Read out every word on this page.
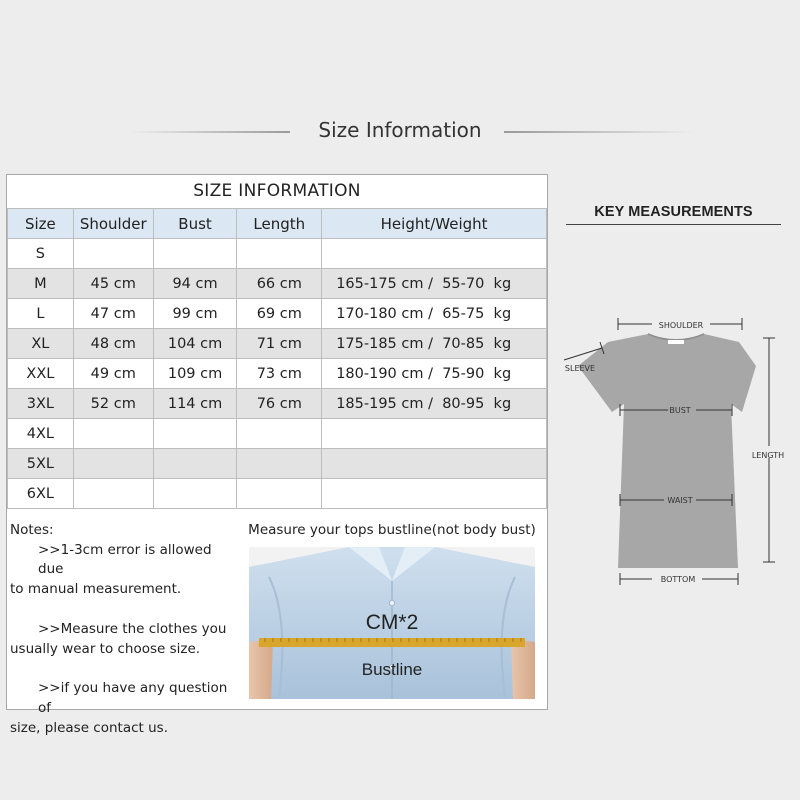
Size Information
SIZE INFORMATION
Size	Shoulder	Bust	Length	Height/Weight
S				
M	45 cm	94 cm	66 cm	165-175 cm /  55-70  kg
L	47 cm	99 cm	69 cm	170-180 cm /  65-75  kg
XL	48 cm	104 cm	71 cm	175-185 cm /  70-85  kg
XXL	49 cm	109 cm	73 cm	180-190 cm /  75-90  kg
3XL	52 cm	114 cm	76 cm	185-195 cm /  80-95  kg
4XL				
5XL				
6XL				

Notes:

>>1-3cm error is allowed due

to manual measurement.

>>Measure the clothes you

usually wear to choose size.

>>if you have any question of

size, please contact us.

Measure your tops bustline(not body bust)
CM*2
Bustline
KEY MEASUREMENTS
SHOULDER
SLEEVE
BUST
WAIST
LENGTH
BOTTOM
